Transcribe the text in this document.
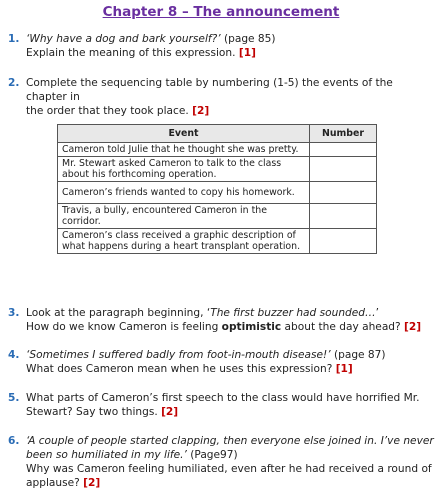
Chapter 8 – The announcement
1. ‘Why have a dog and bark yourself?’ (page 85)
Explain the meaning of this expression. [1]
2. Complete the sequencing table by numbering (1-5) the events of the chapter in
the order that they took place. [2]
Event	Number
Cameron told Julie that he thought she was pretty.	
Mr. Stewart asked Cameron to talk to the class about his forthcoming operation.	
Cameron’s friends wanted to copy his homework.	
Travis, a bully, encountered Cameron in the corridor.	
Cameron’s class received a graphic description of what happens during a heart transplant operation.	
3. Look at the paragraph beginning, ‘The first buzzer had sounded…’
How do we know Cameron is feeling optimistic about the day ahead? [2]
4. ‘Sometimes I suffered badly from foot-in-mouth disease!’ (page 87)
What does Cameron mean when he uses this expression? [1]
5. What parts of Cameron’s first speech to the class would have horrified Mr.
Stewart? Say two things. [2]
6. ‘A couple of people started clapping, then everyone else joined in. I’ve never
been so humiliated in my life.’ (Page97)
Why was Cameron feeling humiliated, even after he had received a round of
applause? [2]
